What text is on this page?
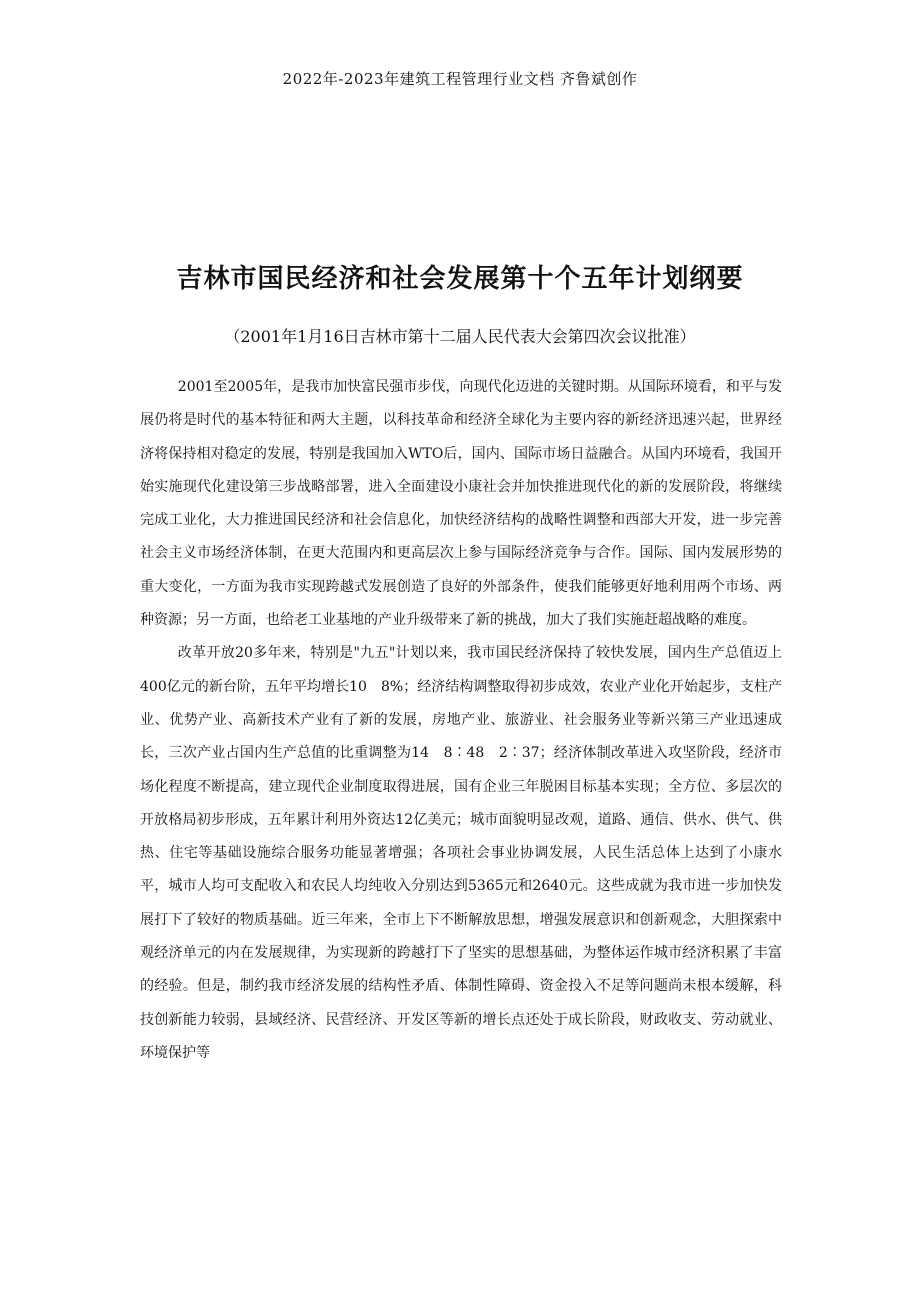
2022年-2023年建筑工程管理行业文档 齐鲁斌创作
吉林市国民经济和社会发展第十个五年计划纲要
（2001年1月16日吉林市第十二届人民代表大会第四次会议批准）

2001至2005年，是我市加快富民强市步伐，向现代化迈进的关键时期。从国际环境看，和平与发展仍将是时代的基本特征和两大主题，以科技革命和经济全球化为主要内容的新经济迅速兴起，世界经济将保持相对稳定的发展，特别是我国加入WTO后，国内、国际市场日益融合。从国内环境看，我国开始实施现代化建设第三步战略部署，进入全面建设小康社会并加快推进现代化的新的发展阶段，将继续完成工业化，大力推进国民经济和社会信息化，加快经济结构的战略性调整和西部大开发，进一步完善社会主义市场经济体制，在更大范围内和更高层次上参与国际经济竞争与合作。国际、国内发展形势的重大变化，一方面为我市实现跨越式发展创造了良好的外部条件，使我们能够更好地利用两个市场、两种资源；另一方面，也给老工业基地的产业升级带来了新的挑战，加大了我们实施赶超战略的难度。

改革开放20多年来，特别是"九五"计划以来，我市国民经济保持了较快发展，国内生产总值迈上400亿元的新台阶，五年平均增长10　8%；经济结构调整取得初步成效，农业产业化开始起步，支柱产业、优势产业、高新技术产业有了新的发展，房地产业、旅游业、社会服务业等新兴第三产业迅速成长，三次产业占国内生产总值的比重调整为14　8∶48　2∶37；经济体制改革进入攻坚阶段，经济市场化程度不断提高，建立现代企业制度取得进展，国有企业三年脱困目标基本实现；全方位、多层次的开放格局初步形成，五年累计利用外资达12亿美元；城市面貌明显改观，道路、通信、供水、供气、供热、住宅等基础设施综合服务功能显著增强；各项社会事业协调发展，人民生活总体上达到了小康水平，城市人均可支配收入和农民人均纯收入分别达到5365元和2640元。这些成就为我市进一步加快发展打下了较好的物质基础。近三年来，全市上下不断解放思想，增强发展意识和创新观念，大胆探索中观经济单元的内在发展规律，为实现新的跨越打下了坚实的思想基础，为整体运作城市经济积累了丰富的经验。但是，制约我市经济发展的结构性矛盾、体制性障碍、资金投入不足等问题尚未根本缓解，科技创新能力较弱，县域经济、民营经济、开发区等新的增长点还处于成长阶段，财政收支、劳动就业、环境保护等
